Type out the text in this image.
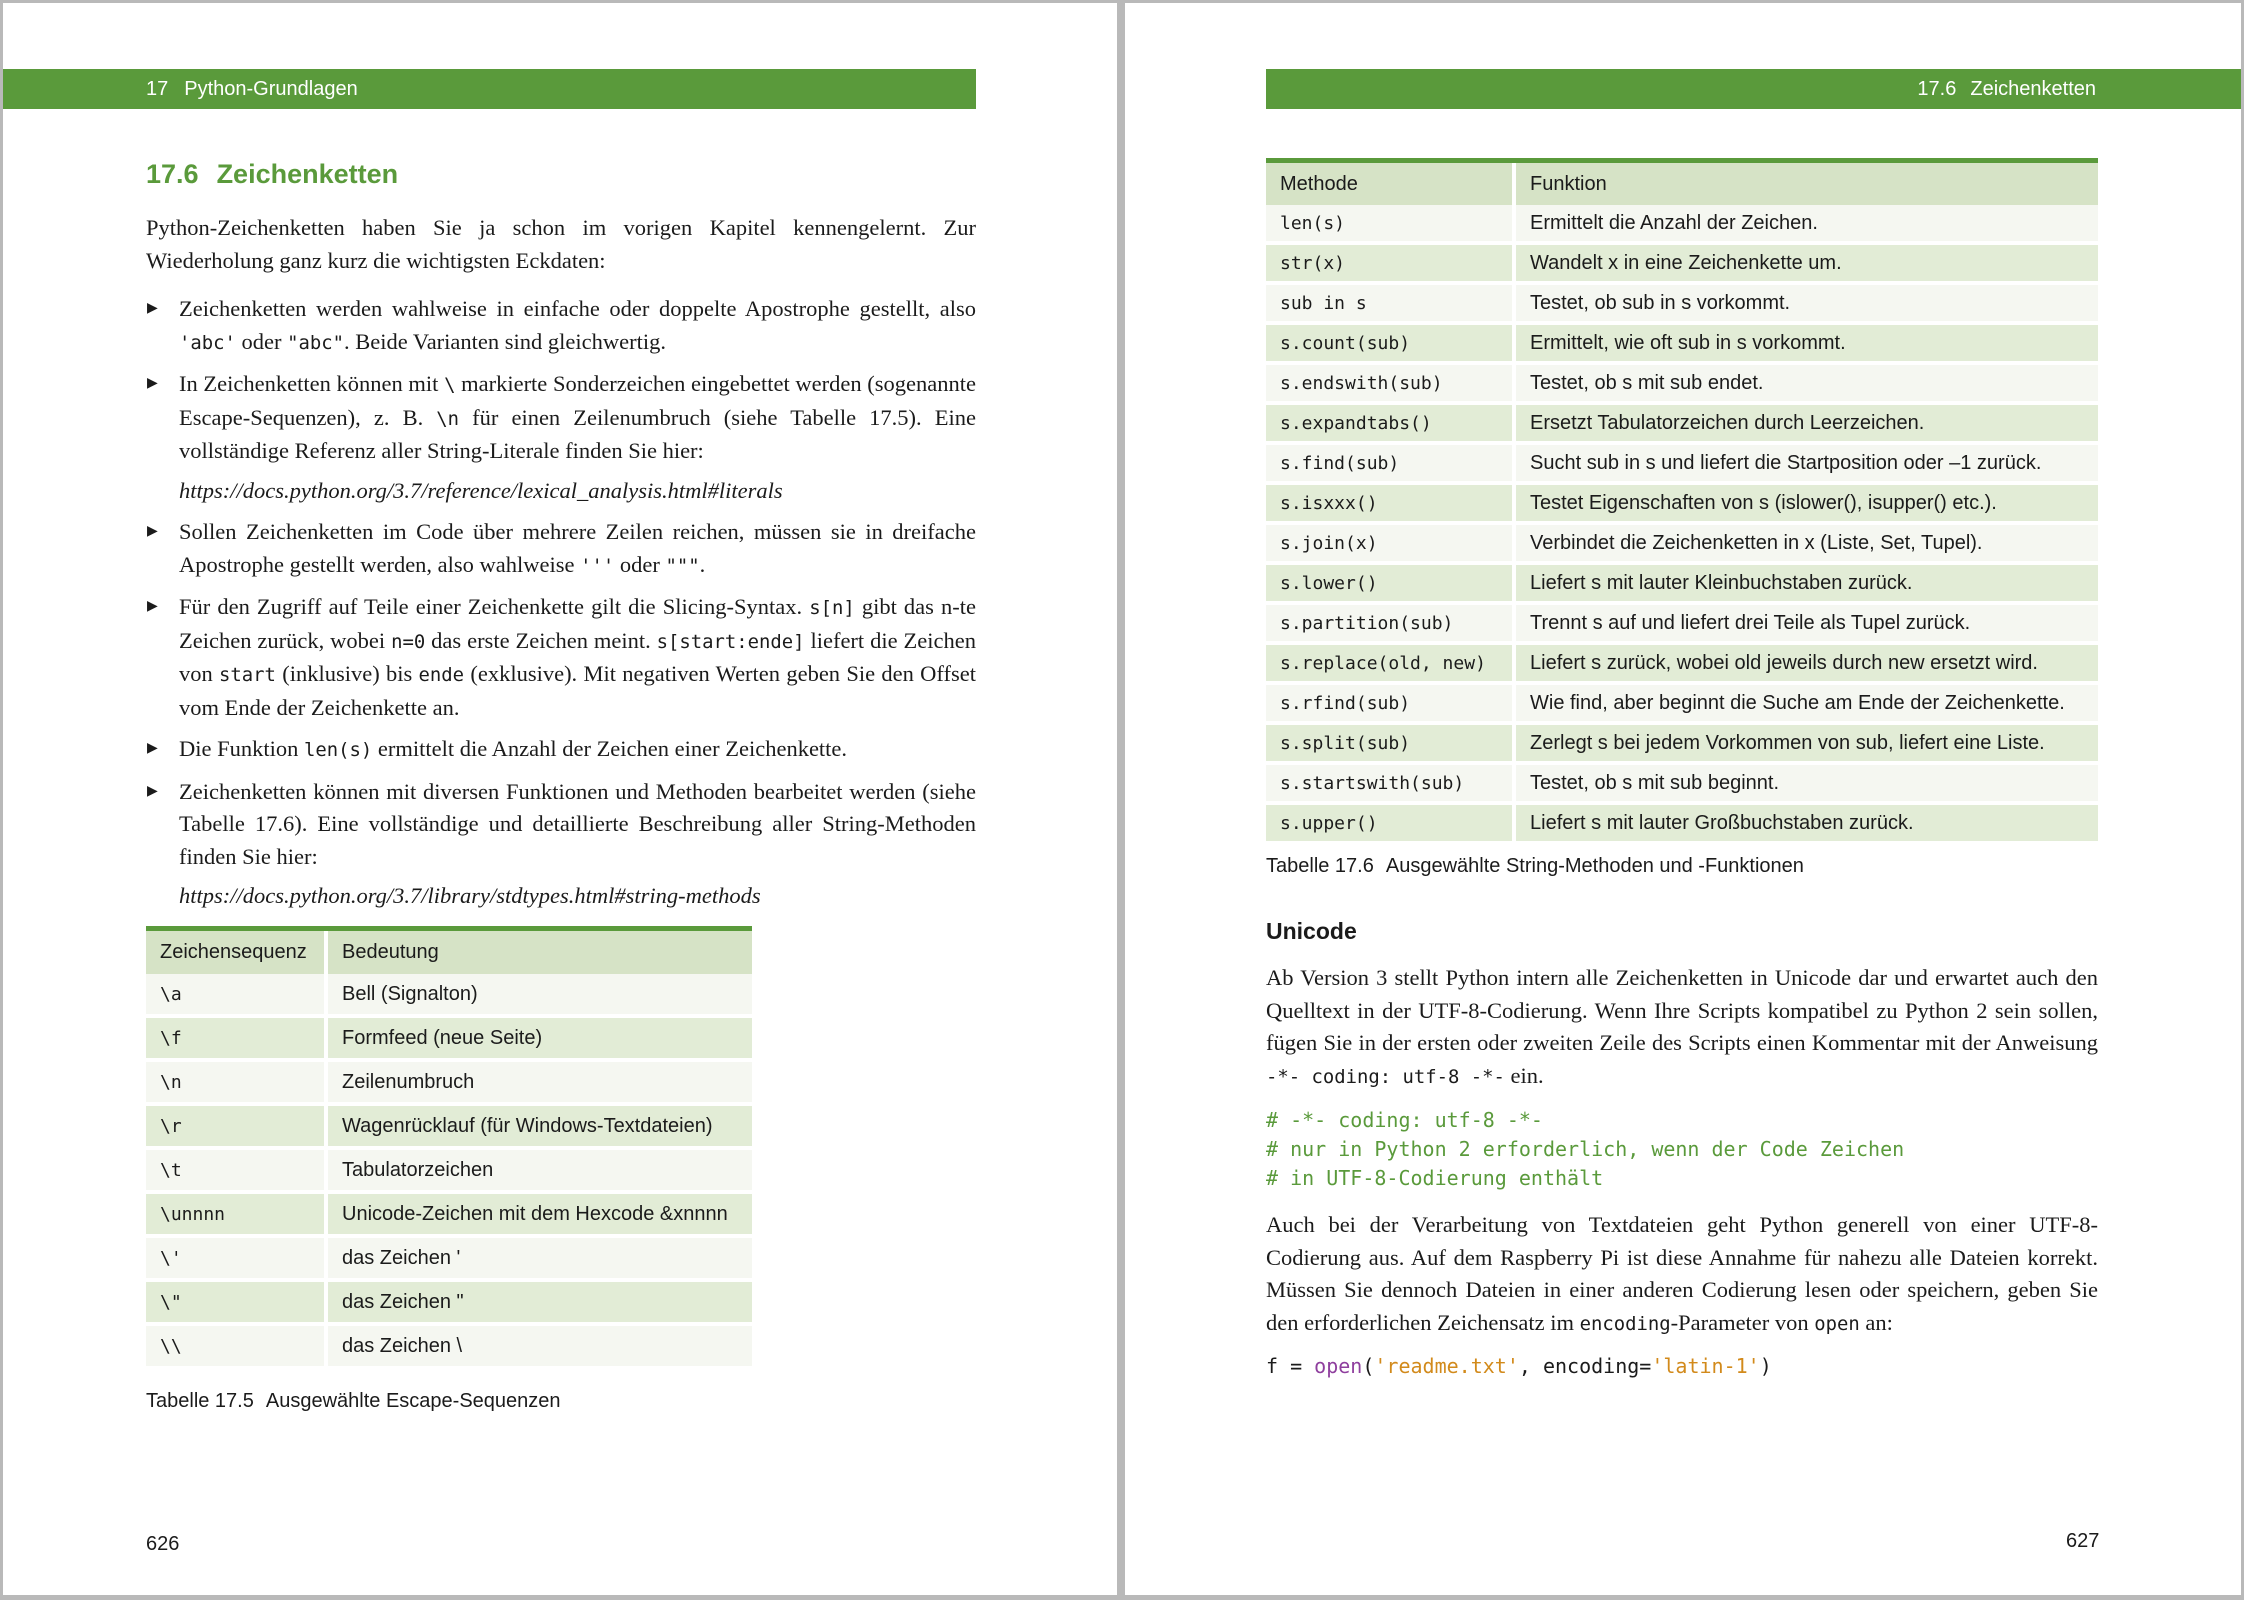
17 Python-Grundlagen
17.6 Zeichenketten

Python-Zeichenketten haben Sie ja schon im vorigen Kapitel kennengelernt. Zur Wiederholung ganz kurz die wichtigsten Eckdaten:

▶ Zeichenketten werden wahlweise in einfache oder doppelte Apostrophe gestellt, also 'abc' oder "abc". Beide Varianten sind gleichwertig.
▶ In Zeichenketten können mit \ markierte Sonderzeichen eingebettet werden (sogenannte Escape-Sequenzen), z. B. \n für einen Zeilenumbruch (siehe Tabelle 17.5). Eine vollständige Referenz aller String-Literale finden Sie hier:
https://docs.python.org/3.7/reference/lexical_analysis.html#literals
▶ Sollen Zeichenketten im Code über mehrere Zeilen reichen, müssen sie in dreifache Apostrophe gestellt werden, also wahlweise ''' oder """.
▶ Für den Zugriff auf Teile einer Zeichenkette gilt die Slicing-Syntax. s[n] gibt das n-te Zeichen zurück, wobei n=0 das erste Zeichen meint. s[start:ende] liefert die Zeichen von start (inklusive) bis ende (exklusive). Mit negativen Werten geben Sie den Offset vom Ende der Zeichenkette an.
▶ Die Funktion len(s) ermittelt die Anzahl der Zeichen einer Zeichenkette.
▶ Zeichenketten können mit diversen Funktionen und Methoden bearbeitet werden (siehe Tabelle 17.6). Eine vollständige und detaillierte Beschreibung aller String-Methoden finden Sie hier:
https://docs.python.org/3.7/library/stdtypes.html#string-methods
Zeichensequenz	Bedeutung
\a	Bell (Signalton)
\f	Formfeed (neue Seite)
\n	Zeilenumbruch
\r	Wagenrücklauf (für Windows-Textdateien)
\t	Tabulatorzeichen
\unnnn	Unicode-Zeichen mit dem Hexcode &xnnnn
\'	das Zeichen '
\"	das Zeichen "
\\	das Zeichen \
Tabelle 17.5 Ausgewählte Escape-Sequenzen
626
17.6 Zeichenketten
Methode	Funktion
len(s)	Ermittelt die Anzahl der Zeichen.
str(x)	Wandelt x in eine Zeichenkette um.
sub in s	Testet, ob sub in s vorkommt.
s.count(sub)	Ermittelt, wie oft sub in s vorkommt.
s.endswith(sub)	Testet, ob s mit sub endet.
s.expandtabs()	Ersetzt Tabulatorzeichen durch Leerzeichen.
s.find(sub)	Sucht sub in s und liefert die Startposition oder –1 zurück.
s.isxxx()	Testet Eigenschaften von s (islower(), isupper() etc.).
s.join(x)	Verbindet die Zeichenketten in x (Liste, Set, Tupel).
s.lower()	Liefert s mit lauter Kleinbuchstaben zurück.
s.partition(sub)	Trennt s auf und liefert drei Teile als Tupel zurück.
s.replace(old, new)	Liefert s zurück, wobei old jeweils durch new ersetzt wird.
s.rfind(sub)	Wie find, aber beginnt die Suche am Ende der Zeichenkette.
s.split(sub)	Zerlegt s bei jedem Vorkommen von sub, liefert eine Liste.
s.startswith(sub)	Testet, ob s mit sub beginnt.
s.upper()	Liefert s mit lauter Großbuchstaben zurück.
Tabelle 17.6 Ausgewählte String-Methoden und -Funktionen
Unicode

Ab Version 3 stellt Python intern alle Zeichenketten in Unicode dar und erwartet auch den Quelltext in der UTF-8-Codierung. Wenn Ihre Scripts kompatibel zu Python 2 sein sollen, fügen Sie in der ersten oder zweiten Zeile des Scripts einen Kommentar mit der Anweisung -*- coding: utf-8 -*- ein.

# -*- coding: utf-8 -*-
# nur in Python 2 erforderlich, wenn der Code Zeichen
# in UTF-8-Codierung enthält

Auch bei der Verarbeitung von Textdateien geht Python generell von einer UTF-8-Codierung aus. Auf dem Raspberry Pi ist diese Annahme für nahezu alle Dateien korrekt. Müssen Sie dennoch Dateien in einer anderen Codierung lesen oder speichern, geben Sie den erforderlichen Zeichensatz im encoding-Parameter von open an:

f = open('readme.txt', encoding='latin-1')
627
